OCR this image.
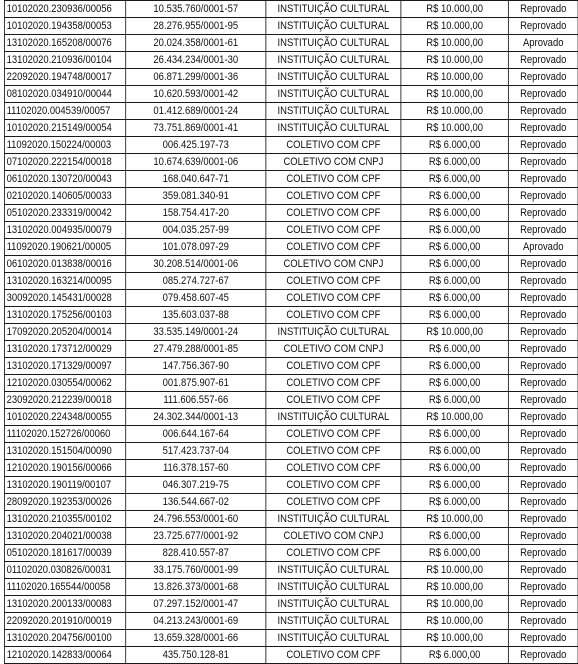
10102020.230936/00056	10.535.760/0001-57	INSTITUIÇÃO CULTURAL	R$ 10.000,00	Reprovado
10102020.194358/00053	28.276.955/0001-95	INSTITUIÇÃO CULTURAL	R$ 10.000,00	Reprovado
13102020.165208/00076	20.024.358/0001-61	INSTITUIÇÃO CULTURAL	R$ 10.000,00	Aprovado
13102020.210936/00104	26.434.234/0001-30	INSTITUIÇÃO CULTURAL	R$ 10.000,00	Reprovado
22092020.194748/00017	06.871.299/0001-36	INSTITUIÇÃO CULTURAL	R$ 10.000,00	Reprovado
08102020.034910/00044	10.620.593/0001-42	INSTITUIÇÃO CULTURAL	R$ 10.000,00	Reprovado
11102020.004539/00057	01.412.689/0001-24	INSTITUIÇÃO CULTURAL	R$ 10.000,00	Reprovado
10102020.215149/00054	73.751.869/0001-41	INSTITUIÇÃO CULTURAL	R$ 10.000,00	Reprovado
11092020.150224/00003	006.425.197-73	COLETIVO COM CPF	R$ 6.000,00	Reprovado
07102020.222154/00018	10.674.639/0001-06	COLETIVO COM CNPJ	R$ 6.000,00	Reprovado
06102020.130720/00043	168.040.647-71	COLETIVO COM CPF	R$ 6.000,00	Reprovado
02102020.140605/00033	359.081.340-91	COLETIVO COM CPF	R$ 6.000,00	Reprovado
05102020.233319/00042	158.754.417-20	COLETIVO COM CPF	R$ 6.000,00	Reprovado
13102020.004935/00079	004.035.257-99	COLETIVO COM CPF	R$ 6.000,00	Reprovado
11092020.190621/00005	101.078.097-29	COLETIVO COM CPF	R$ 6.000,00	Aprovado
06102020.013838/00016	30.208.514/0001-06	COLETIVO COM CNPJ	R$ 6.000,00	Reprovado
13102020.163214/00095	085.274.727-67	COLETIVO COM CPF	R$ 6.000,00	Reprovado
30092020.145431/00028	079.458.607-45	COLETIVO COM CPF	R$ 6.000,00	Reprovado
13102020.175256/00103	135.603.037-88	COLETIVO COM CPF	R$ 6.000,00	Reprovado
17092020.205204/00014	33.535.149/0001-24	INSTITUIÇÃO CULTURAL	R$ 10.000,00	Reprovado
13102020.173712/00029	27.479.288/0001-85	COLETIVO COM CNPJ	R$ 6.000,00	Reprovado
13102020.171329/00097	147.756.367-90	COLETIVO COM CPF	R$ 6.000,00	Reprovado
12102020.030554/00062	001.875.907-61	COLETIVO COM CPF	R$ 6.000,00	Reprovado
23092020.212239/00018	111.606.557-66	COLETIVO COM CPF	R$ 6.000,00	Reprovado
10102020.224348/00055	24.302.344/0001-13	INSTITUIÇÃO CULTURAL	R$ 10.000,00	Reprovado
11102020.152726/00060	006.644.167-64	COLETIVO COM CPF	R$ 6.000,00	Reprovado
13102020.151504/00090	517.423.737-04	COLETIVO COM CPF	R$ 6.000,00	Reprovado
12102020.190156/00066	116.378.157-60	COLETIVO COM CPF	R$ 6.000,00	Reprovado
13102020.190119/00107	046.307.219-75	COLETIVO COM CPF	R$ 6.000,00	Reprovado
28092020.192353/00026	136.544.667-02	COLETIVO COM CPF	R$ 6.000,00	Reprovado
13102020.210355/00102	24.796.553/0001-60	INSTITUIÇÃO CULTURAL	R$ 10.000,00	Reprovado
13102020.204021/00038	23.725.677/0001-92	COLETIVO COM CNPJ	R$ 6.000,00	Reprovado
05102020.181617/00039	828.410.557-87	COLETIVO COM CPF	R$ 6.000,00	Reprovado
01102020.030826/00031	33.175.760/0001-99	INSTITUIÇÃO CULTURAL	R$ 10.000,00	Reprovado
11102020.165544/00058	13.826.373/0001-68	INSTITUIÇÃO CULTURAL	R$ 10.000,00	Reprovado
13102020.200133/00083	07.297.152/0001-47	INSTITUIÇÃO CULTURAL	R$ 10.000,00	Reprovado
22092020.201910/00019	04.213.243/0001-69	INSTITUIÇÃO CULTURAL	R$ 10.000,00	Reprovado
13102020.204756/00100	13.659.328/0001-66	INSTITUIÇÃO CULTURAL	R$ 10.000,00	Reprovado
12102020.142833/00064	435.750.128-81	COLETIVO COM CPF	R$ 6.000,00	Reprovado
